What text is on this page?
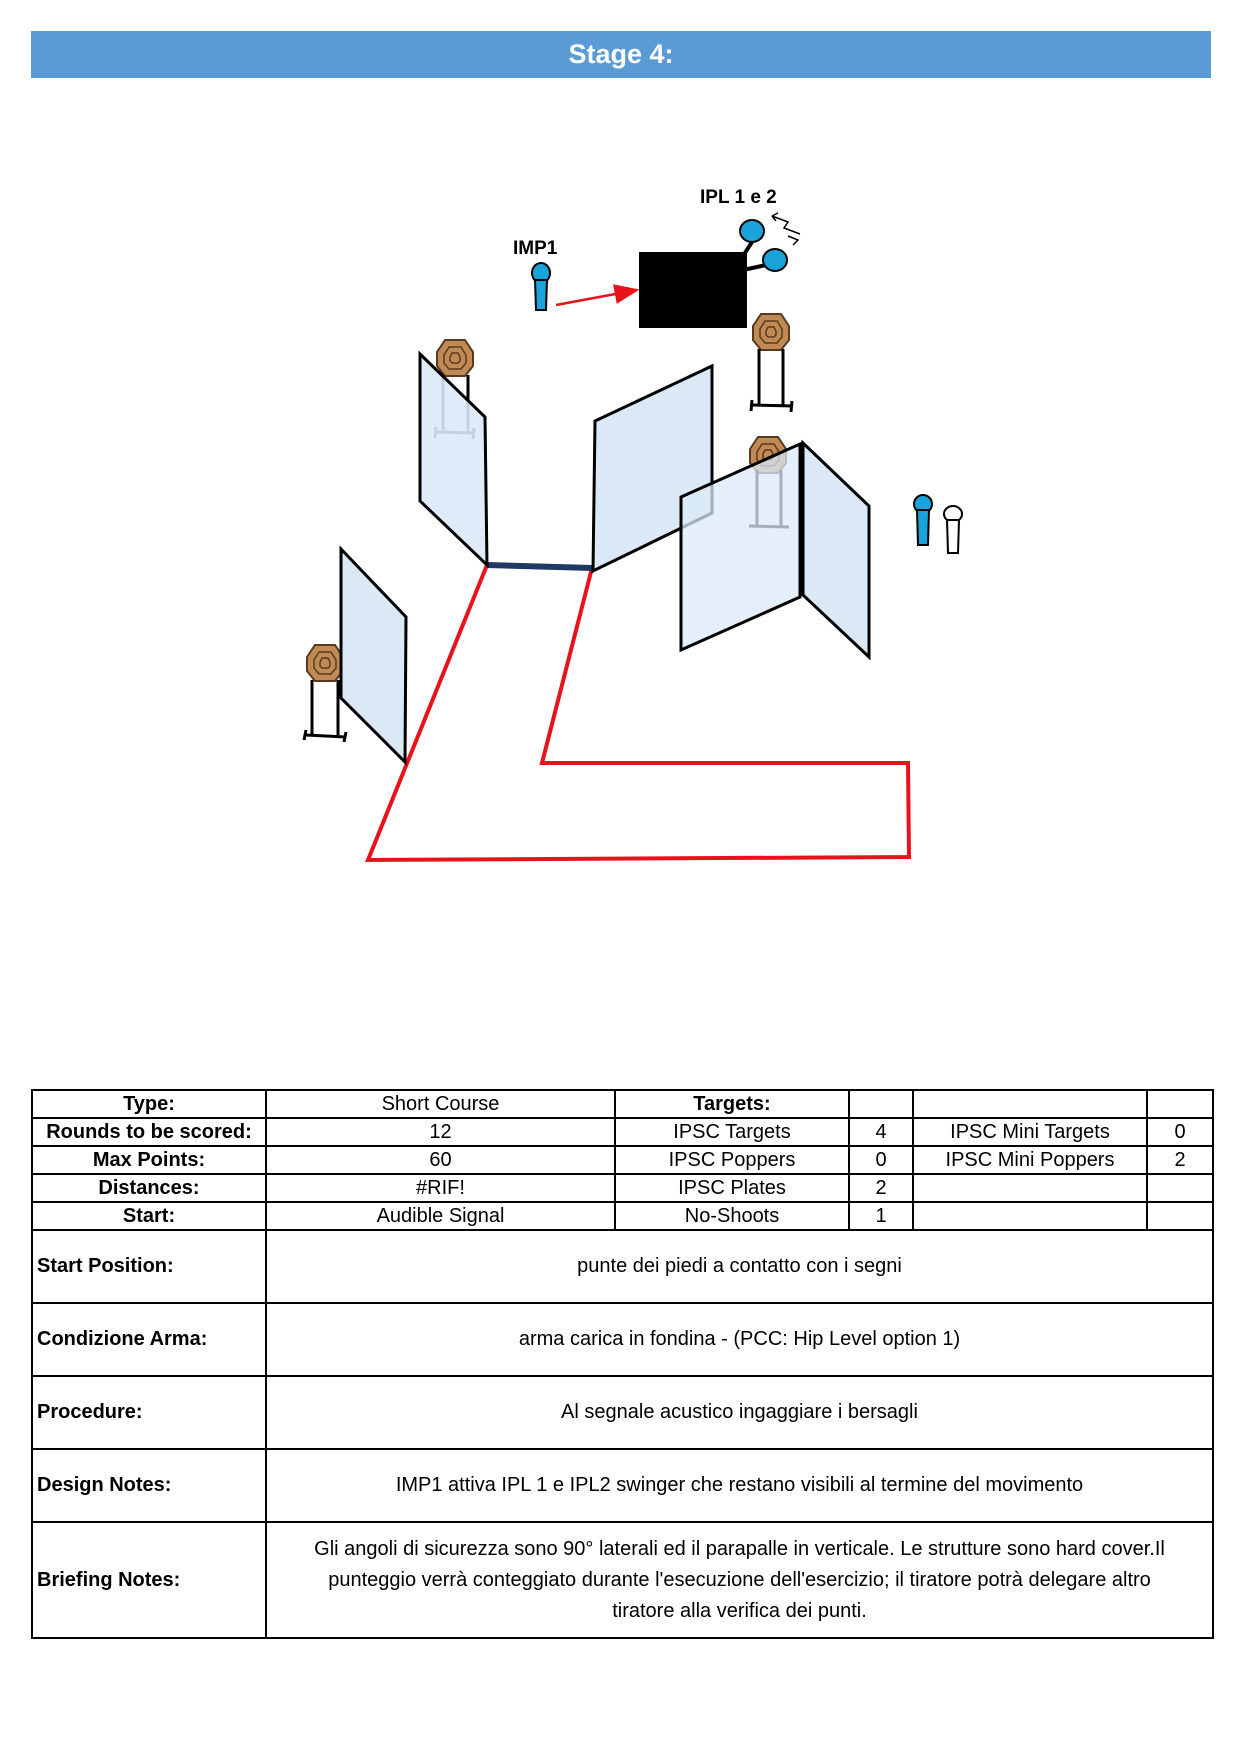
Stage 4:
IPL 1 e 2
IMP1
Type:	Short Course	Targets:			
Rounds to be scored:	12	IPSC Targets	4	IPSC Mini Targets	0
Max Points:	60	IPSC Poppers	0	IPSC Mini Poppers	2
Distances:	#RIF!	IPSC Plates	2		
Start:	Audible Signal	No-Shoots	1		
Start Position:	punte dei piedi a contatto con i segni				
Condizione Arma:	arma carica in fondina - (PCC: Hip Level option 1)				
Procedure:	Al segnale acustico ingaggiare i bersagli				
Design Notes:	IMP1 attiva IPL 1 e IPL2 swinger che restano visibili al termine del movimento				
Briefing Notes:	Gli angoli di sicurezza sono 90° laterali ed il parapalle in verticale. Le strutture sono hard cover.Il punteggio verrà conteggiato durante l'esecuzione dell'esercizio; il tiratore potrà delegare altro tiratore alla verifica dei punti.				
